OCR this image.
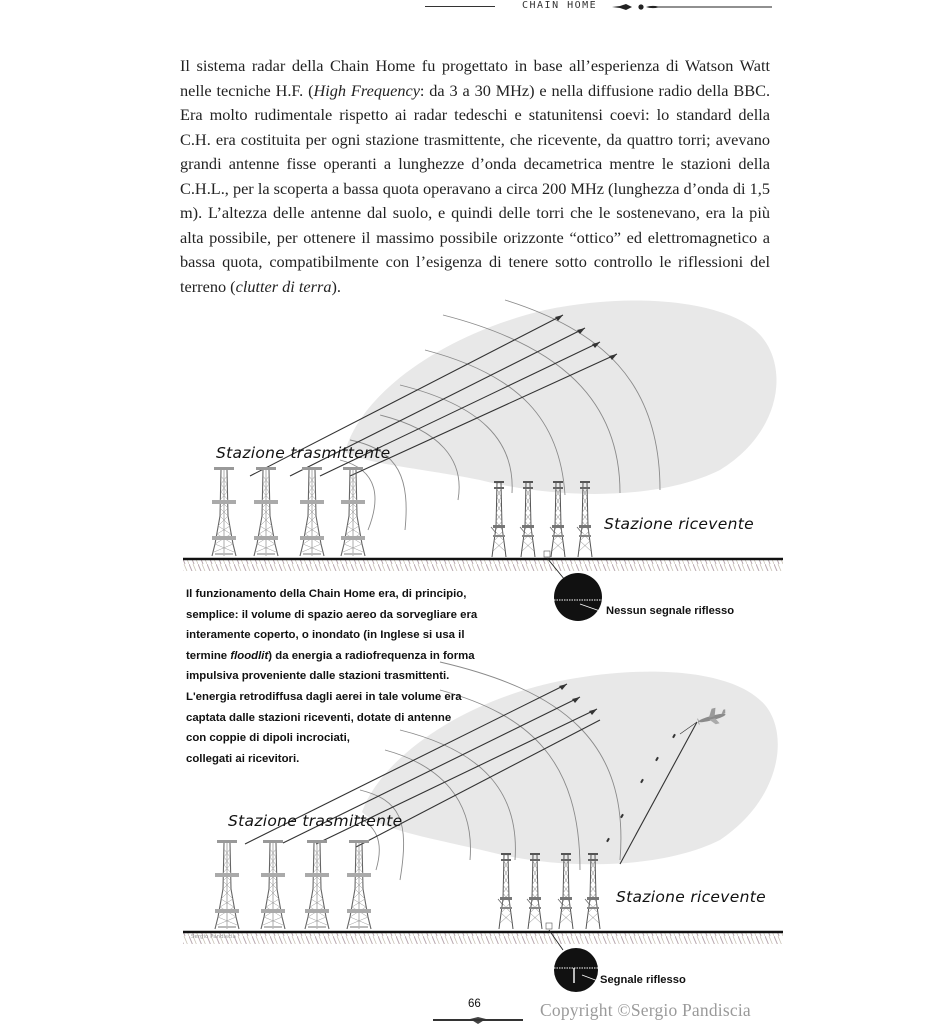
CHAIN HOME

Il sistema radar della Chain Home fu progettato in base all’esperienza di Watson Watt nelle tecniche H.F. (High Frequency: da 3 a 30 MHz) e nella diffusione radio della BBC. Era molto rudimentale rispetto ai radar tedeschi e statunitensi coevi: lo standard della C.H. era costituita per ogni stazione trasmittente, che ricevente, da quattro torri; avevano grandi antenne fisse operanti a lunghezze d’onda decametrica mentre le stazioni della C.H.L., per la scoperta a bassa quota operavano a circa 200 MHz (lunghezza d’onda di 1,5 m). L’altezza delle antenne dal suolo, e quindi delle torri che le sostenevano, era la più alta possibile, per ottenere il massimo possibile orizzonte “ottico” ed elettromagnetico a bassa quota, compatibilmente con l’esigenza di tenere sotto controllo le riflessioni del terreno (clutter di terra).

Stazione trasmittente
Stazione ricevente
Nessun segnale riflesso
Il funzionamento della Chain Home era, di principio,
semplice: il volume di spazio aereo da sorvegliare era
interamente coperto, o inondato (in Inglese si usa il
termine floodlit) da energia a radiofrequenza in forma
impulsiva proveniente dalle stazioni trasmittenti.
L'energia retrodiffusa dagli aerei in tale volume era
captata dalle stazioni riceventi, dotate di antenne
con coppie di dipoli incrociati,
collegati ai ricevitori.
Stazione trasmittente
Stazione ricevente
Segnale riflesso
Sergio Pandiscia
66	Copyright ©Sergio Pandiscia
